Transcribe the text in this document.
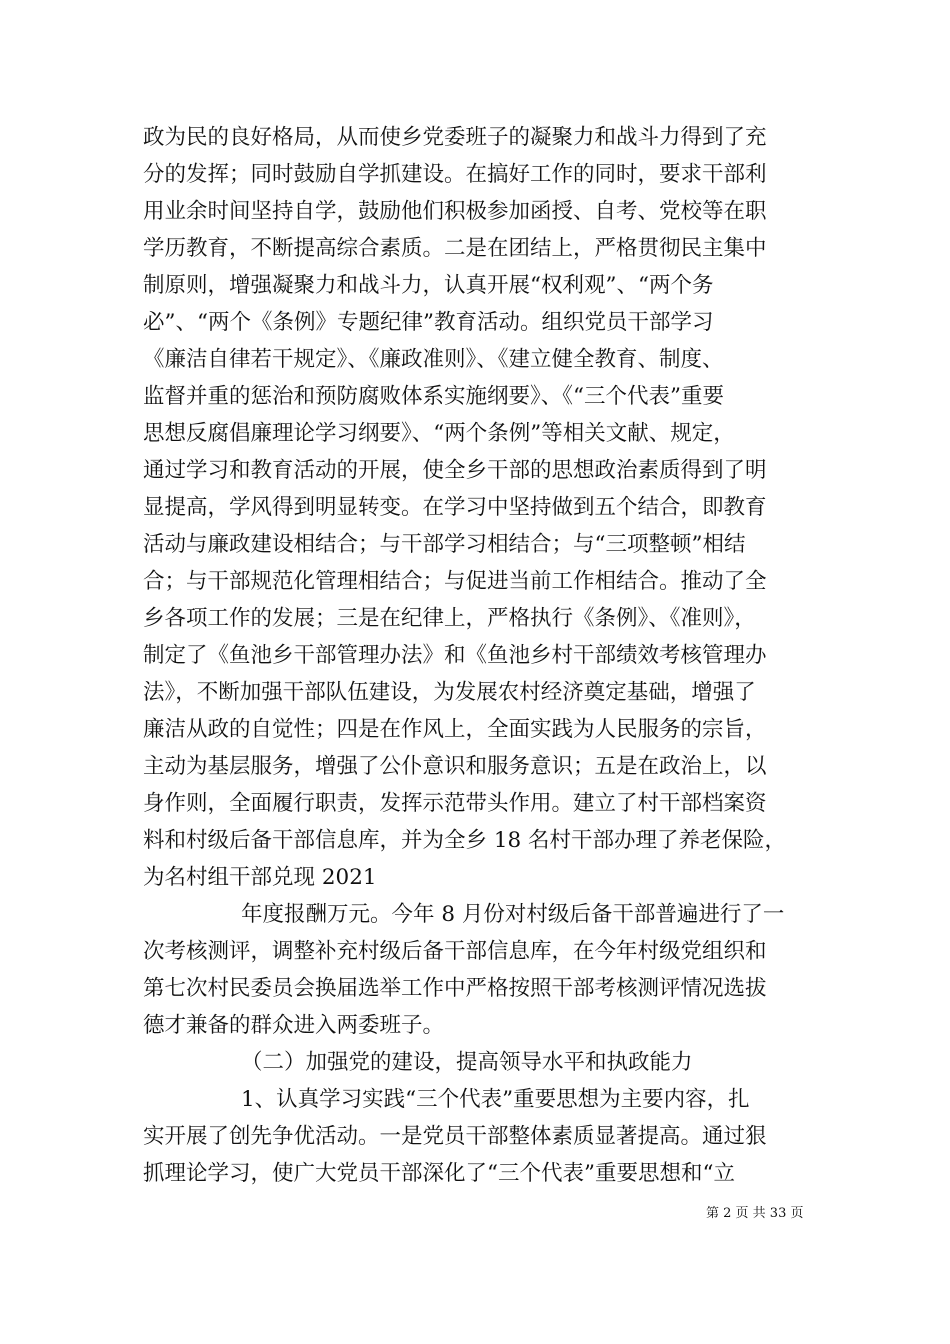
政为民的良好格局，从而使乡党委班子的凝聚力和战斗力得到了充
分的发挥；同时鼓励自学抓建设。在搞好工作的同时，要求干部利
用业余时间坚持自学，鼓励他们积极参加函授、自考、党校等在职
学历教育，不断提高综合素质。二是在团结上，严格贯彻民主集中
制原则，增强凝聚力和战斗力，认真开展“权利观”、“两个务
必”、“两个《条例》专题纪律”教育活动。组织党员干部学习
《廉洁自律若干规定》、《廉政准则》、《建立健全教育、制度、
监督并重的惩治和预防腐败体系实施纲要》、《“三个代表”重要
思想反腐倡廉理论学习纲要》、“两个条例”等相关文献、规定，
通过学习和教育活动的开展，使全乡干部的思想政治素质得到了明
显提高，学风得到明显转变。在学习中坚持做到五个结合，即教育
活动与廉政建设相结合；与干部学习相结合；与“三项整顿”相结
合；与干部规范化管理相结合；与促进当前工作相结合。推动了全
乡各项工作的发展；三是在纪律上，严格执行《条例》、《准则》，
制定了《鱼池乡干部管理办法》和《鱼池乡村干部绩效考核管理办
法》，不断加强干部队伍建设，为发展农村经济奠定基础，增强了
廉洁从政的自觉性；四是在作风上，全面实践为人民服务的宗旨，
主动为基层服务，增强了公仆意识和服务意识；五是在政治上，以
身作则，全面履行职责，发挥示范带头作用。建立了村干部档案资
料和村级后备干部信息库，并为全乡 18 名村干部办理了养老保险，
为名村组干部兑现 2021
年度报酬万元。今年 8 月份对村级后备干部普遍进行了一
次考核测评，调整补充村级后备干部信息库，在今年村级党组织和
第七次村民委员会换届选举工作中严格按照干部考核测评情况选拔
德才兼备的群众进入两委班子。
（二）加强党的建设，提高领导水平和执政能力
1、认真学习实践“三个代表”重要思想为主要内容，扎
实开展了创先争优活动。一是党员干部整体素质显著提高。通过狠
抓理论学习，使广大党员干部深化了“三个代表”重要思想和“立
第 2 页 共 33 页
